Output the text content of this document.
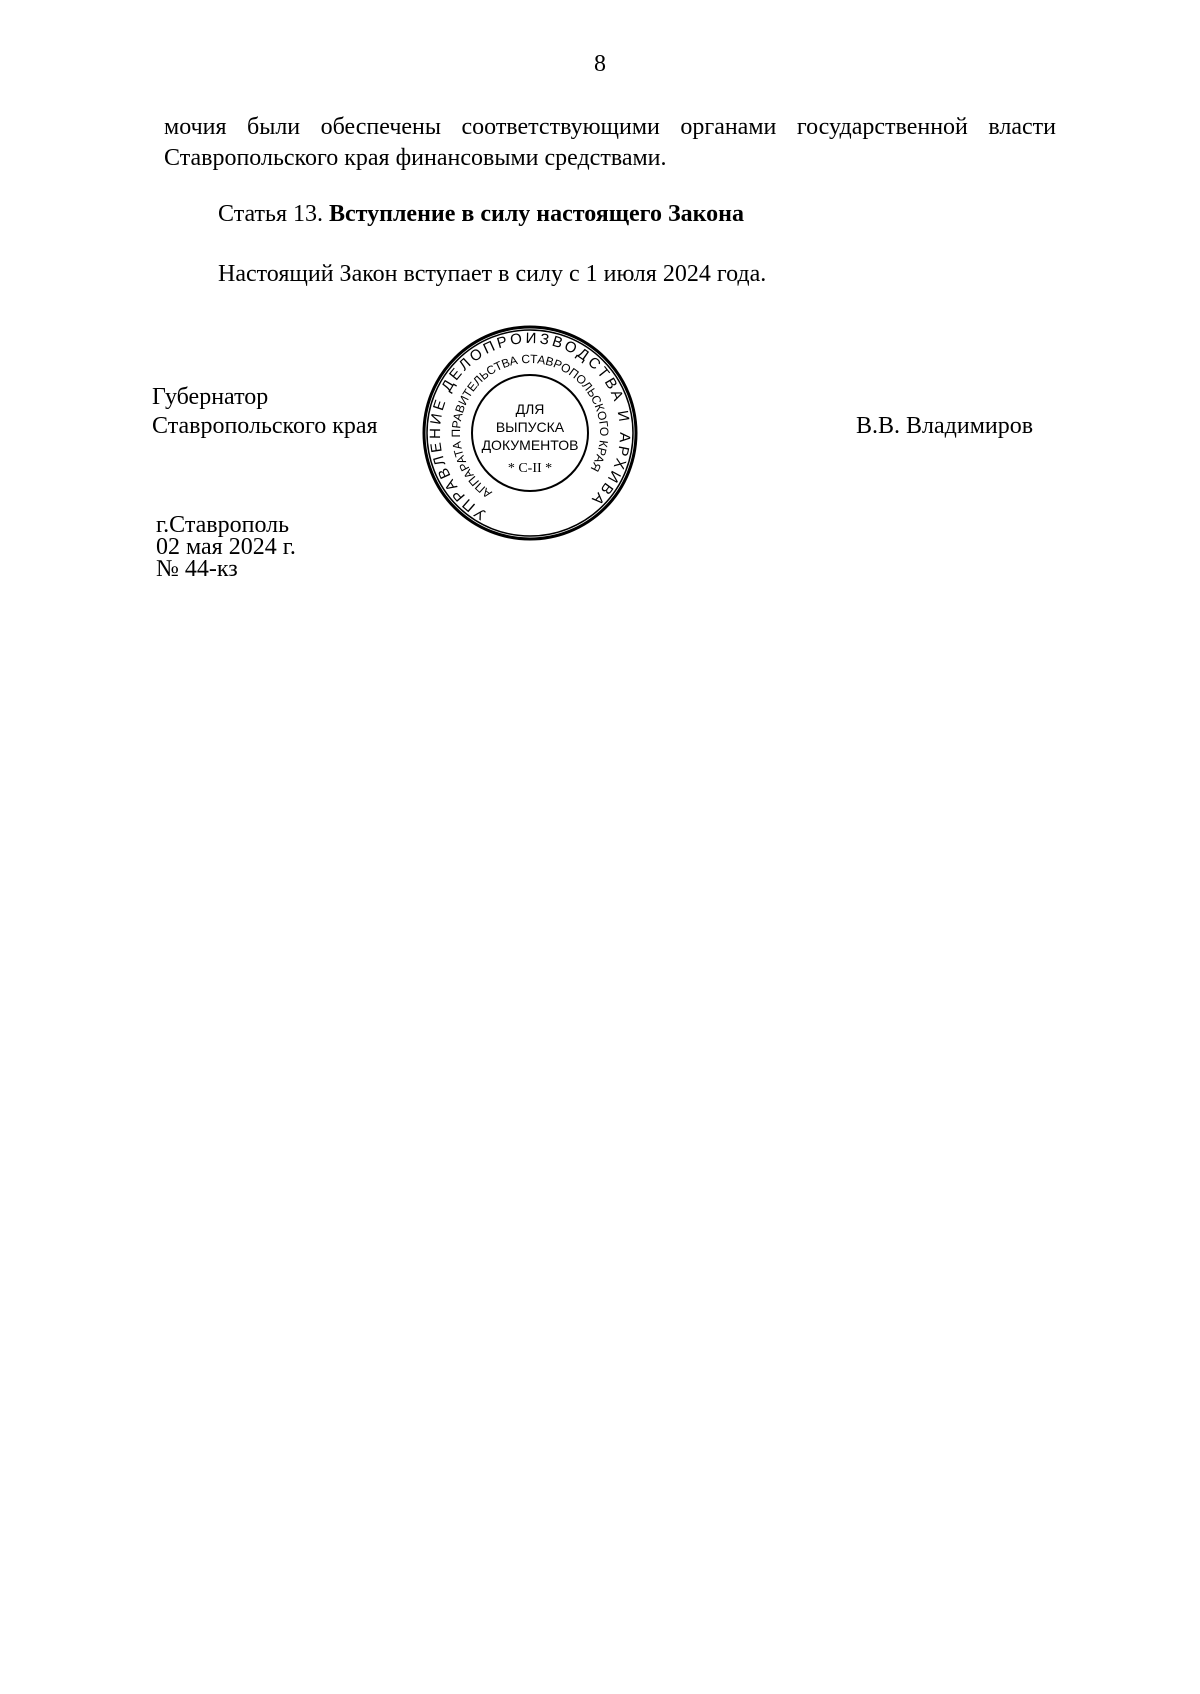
8
мочия были обеспечены соответствующими органами государственной власти Ставропольского края финансовыми средствами.
Статья 13. Вступление в силу настоящего Закона
Настоящий Закон вступает в силу с 1 июля 2024 года.
Губернатор
Ставропольского края	В.В. Владимиров
г.Ставрополь
02 мая 2024 г.
№ 44-кз
УПРАВЛЕНИЕ ДЕЛОПРОИЗВОДСТВА И АРХИВА
АППАРАТА ПРАВИТЕЛЬСТВА СТАВРОПОЛЬСКОГО КРАЯ
ДЛЯ
ВЫПУСКА
ДОКУМЕНТОВ
* С-II *
